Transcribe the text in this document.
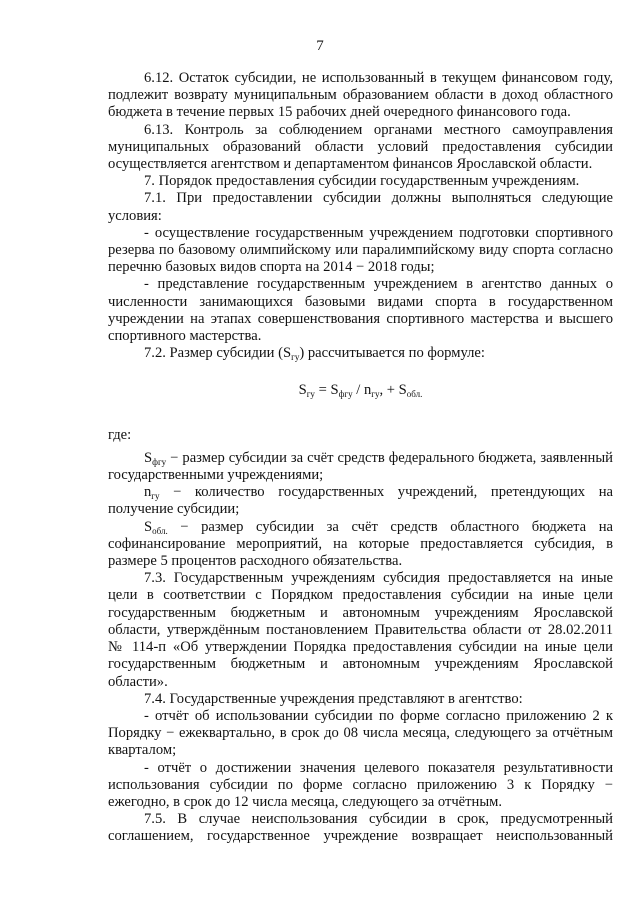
7

6.12. Остаток субсидии, не использованный в текущем финансовом году, подлежит возврату муниципальным образованием области в доход областного бюджета в течение первых 15 рабочих дней очередного финансового года.

6.13. Контроль за соблюдением органами местного самоуправления муниципальных образований области условий предоставления субсидии осуществляется агентством и департаментом финансов Ярославской области.

7. Порядок предоставления субсидии государственным учреждениям.

7.1. При предоставлении субсидии должны выполняться следующие условия:

- осуществление государственным учреждением подготовки спортивного резерва по базовому олимпийскому или паралимпийскому виду спорта согласно перечню базовых видов спорта на 2014 − 2018 годы;

- представление государственным учреждением в агентство данных о численности занимающихся базовыми видами спорта в государственном учреждении на этапах совершенствования спортивного мастерства и высшего спортивного мастерства.

7.2. Размер субсидии $(S_{гу})$ рассчитывается по формуле:

$S_{гу} = S_{фгу} / n_{гу}$, + $S_{обл.}$

где:

$S_{фгу}$ − размер субсидии за счёт средств федерального бюджета, заявленный государственными учреждениями;

$n_{гу}$ − количество государственных учреждений, претендующих на получение субсидии;

$S_{обл.}$ − размер субсидии за счёт средств областного бюджета на софинансирование мероприятий, на которые предоставляется субсидия, в размере 5 процентов расходного обязательства.

7.3. Государственным учреждениям субсидия предоставляется на иные цели в соответствии с Порядком предоставления субсидии на иные цели государственным бюджетным и автономным учреждениям Ярославской области, утверждённым постановлением Правительства области от 28.02.2011 № 114-п «Об утверждении Порядка предоставления субсидии на иные цели государственным бюджетным и автономным учреждениям Ярославской области».

7.4. Государственные учреждения представляют в агентство:

- отчёт об использовании субсидии по форме согласно приложению 2 к Порядку − ежеквартально, в срок до 08 числа месяца, следующего за отчётным кварталом;

- отчёт о достижении значения целевого показателя результативности использования субсидии по форме согласно приложению 3 к Порядку − ежегодно, в срок до 12 числа месяца, следующего за отчётным.

7.5. В случае неиспользования субсидии в срок, предусмотренный соглашением, государственное учреждение возвращает неиспользованный
